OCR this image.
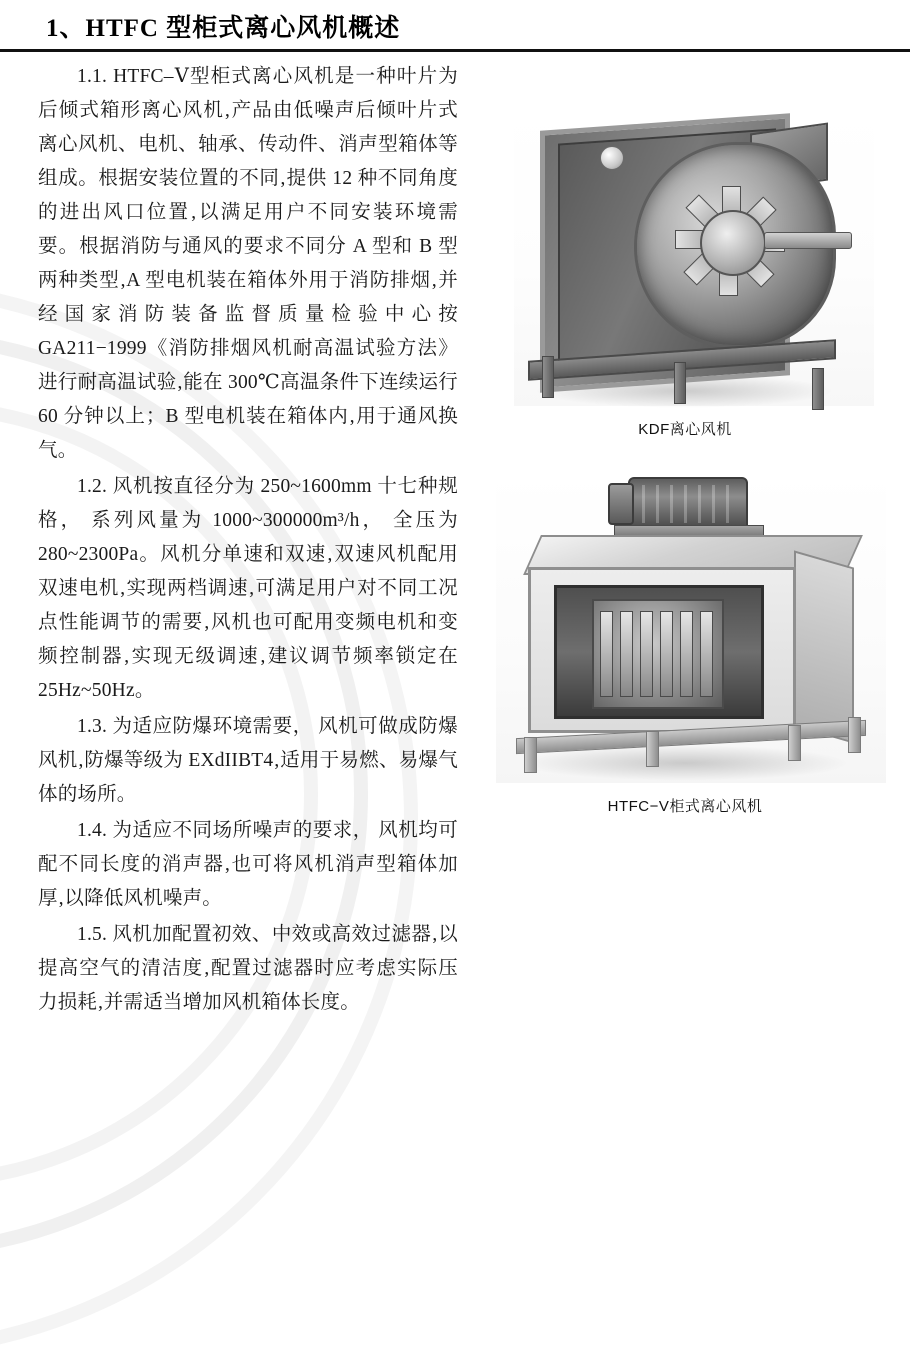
1、HTFC 型柜式离心风机概述

1.1. HTFC–Ⅴ型柜式离心风机是一种叶片为后倾式箱形离心风机‚产品由低噪声后倾叶片式离心风机、电机、轴承、传动件、消声型箱体等组成。根据安装位置的不同‚提供 12 种不同角度的进出风口位置‚以满足用户不同安装环境需要。根据消防与通风的要求不同分 A 型和 B 型两种类型‚A 型电机装在箱体外用于消防排烟‚并经国家消防装备监督质量检验中心按 GA211−1999《消防排烟风机耐高温试验方法》进行耐高温试验‚能在 300℃高温条件下连续运行 60 分钟以上；B 型电机装在箱体内‚用于通风换气。

1.2. 风机按直径分为 250~1600mm 十七种规格， 系列风量为 1000~300000m³/h， 全压为 280~2300Pa。风机分单速和双速‚双速风机配用双速电机‚实现两档调速‚可满足用户对不同工况点性能调节的需要‚风机也可配用变频电机和变频控制器‚实现无级调速‚建议调节频率锁定在 25Hz~50Hz。

1.3. 为适应防爆环境需要， 风机可做成防爆风机‚防爆等级为 EXdIIBT4‚适用于易燃、易爆气体的场所。

1.4. 为适应不同场所噪声的要求， 风机均可配不同长度的消声器‚也可将风机消声型箱体加厚‚以降低风机噪声。

1.5. 风机加配置初效、中效或高效过滤器‚以提高空气的清洁度‚配置过滤器时应考虑实际压力损耗‚并需适当增加风机箱体长度。

KDF离心风机
HTFC−V柜式离心风机
